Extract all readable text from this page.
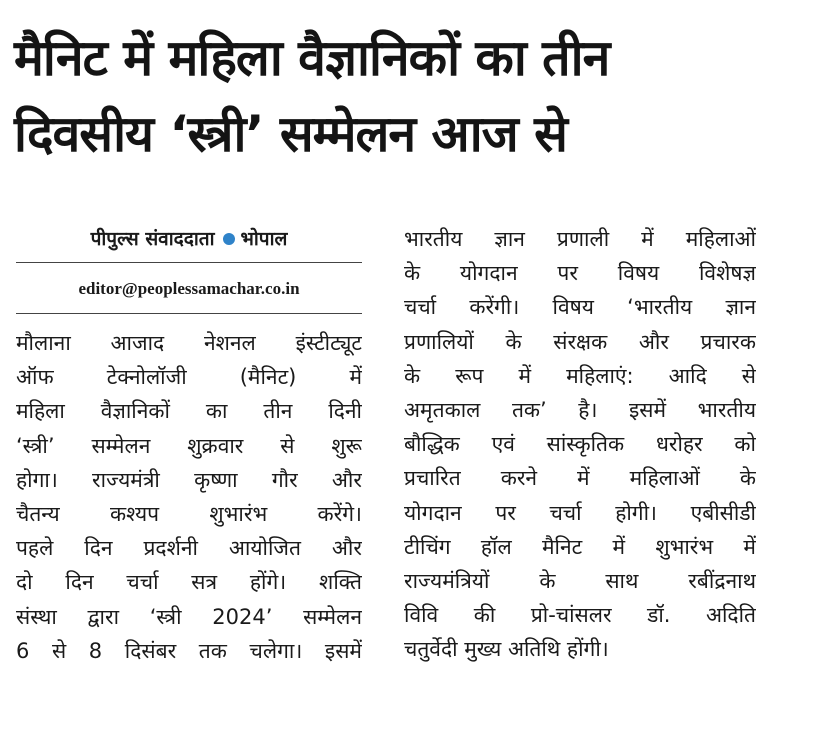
मैनिट में महिला वैज्ञानिकों का तीन
दिवसीय ‘स्त्री’ सम्मेलन आज से
पीपुल्स संवाददाता भोपाल
editor@peoplessamachar.co.in
मौलाना आजाद नेशनल इंस्टीट्यूट
ऑफ टेक्नोलॉजी (मैनिट) में
महिला वैज्ञानिकों का तीन दिनी
‘स्त्री’ सम्मेलन शुक्रवार से शुरू
होगा। राज्यमंत्री कृष्णा गौर और
चैतन्य कश्यप शुभारंभ करेंगे।
पहले दिन प्रदर्शनी आयोजित और
दो दिन चर्चा सत्र होंगे। शक्ति
संस्था द्वारा ‘स्त्री 2024’ सम्मेलन
6 से 8 दिसंबर तक चलेगा। इसमें
भारतीय ज्ञान प्रणाली में महिलाओं
के योगदान पर विषय विशेषज्ञ
चर्चा करेंगी। विषय ‘भारतीय ज्ञान
प्रणालियों के संरक्षक और प्रचारक
के रूप में महिलाएं: आदि से
अमृतकाल तक’ है। इसमें भारतीय
बौद्धिक एवं सांस्कृतिक धरोहर को
प्रचारित करने में महिलाओं के
योगदान पर चर्चा होगी। एबीसीडी
टीचिंग हॉल मैनिट में शुभारंभ में
राज्यमंत्रियों के साथ रबींद्रनाथ
विवि की प्रो-चांसलर डॉ. अदिति
चतुर्वेदी मुख्य अतिथि होंगी।
